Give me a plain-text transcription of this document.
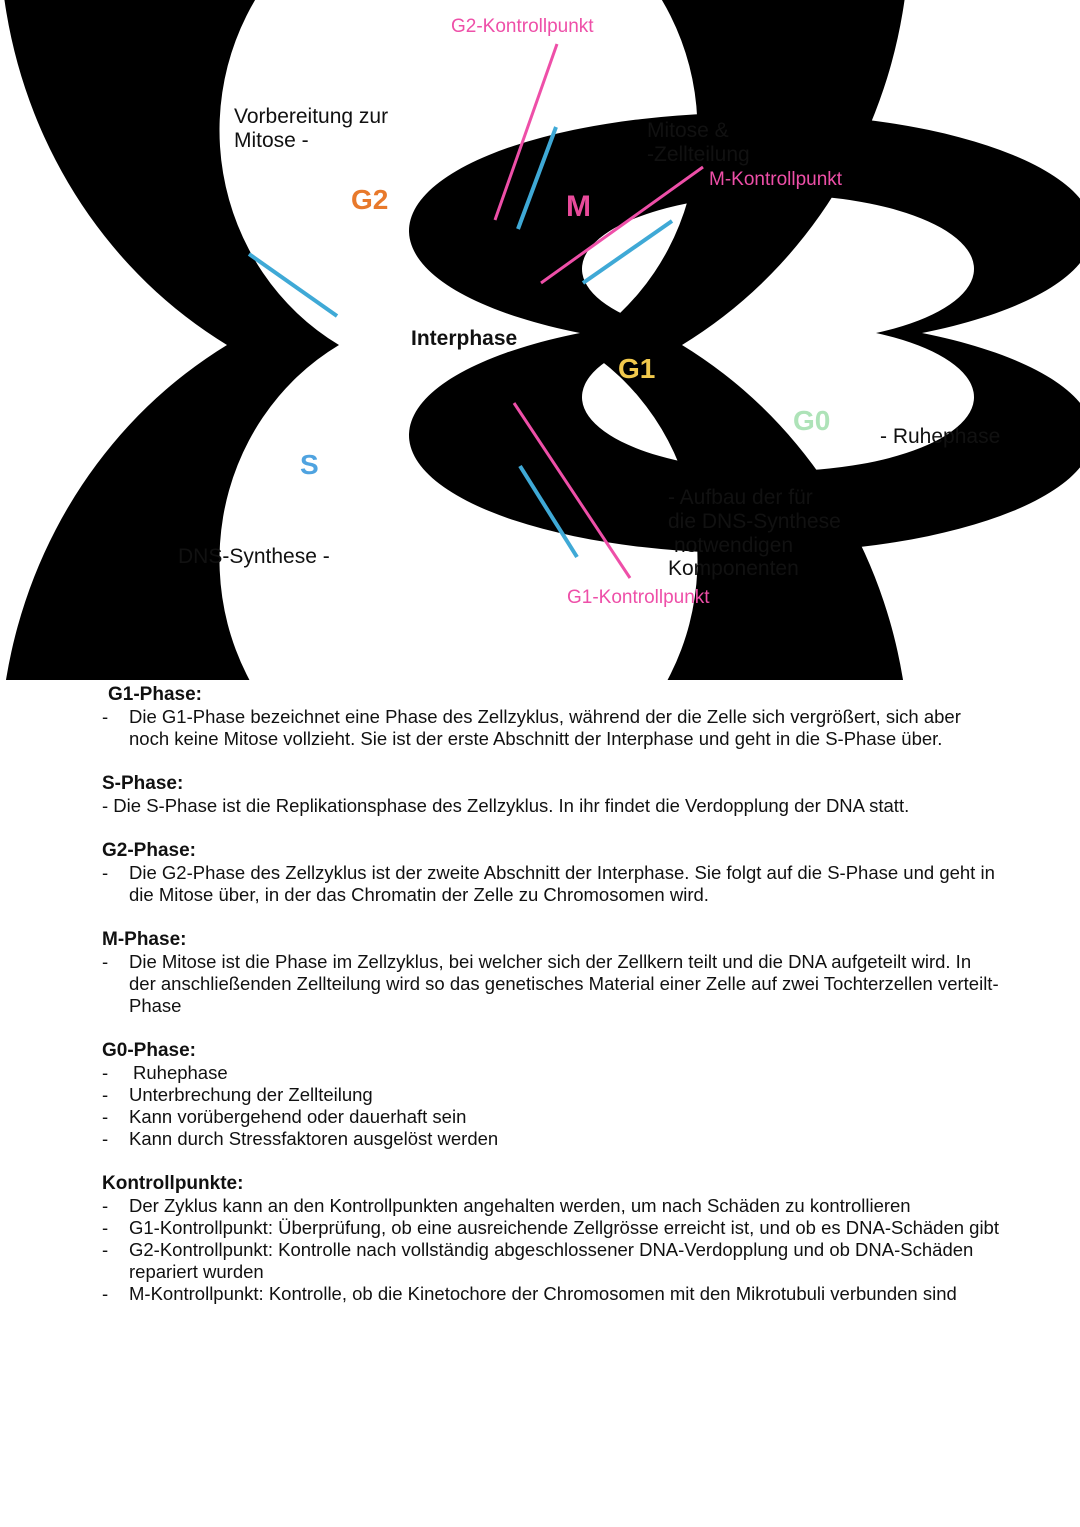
G2-Kontrollpunkt
M-Kontrollpunkt
G1-Kontrollpunkt
Vorbereitung zur
Mitose -	Mitose &
-Zellteilung
- Ruhephase
DNS-Synthese -
- Aufbau der für
die DNS-Synthese
notwendigen
Komponenten
G2	M
G1
S
G0
Interphase
G1-Phase:
- Die G1-Phase bezeichnet eine Phase des Zellzyklus, während der die Zelle sich vergrößert, sich aber noch keine Mitose vollzieht. Sie ist der erste Abschnitt der Interphase und geht in die S-Phase über.
S-Phase:

- Die S-Phase ist die Replikationsphase des Zellzyklus. In ihr findet die Verdopplung der DNA statt.

G2-Phase:
- Die G2-Phase des Zellzyklus ist der zweite Abschnitt der Interphase. Sie folgt auf die S-Phase und geht in die Mitose über, in der das Chromatin der Zelle zu Chromosomen wird.
M-Phase:
- Die Mitose ist die Phase im Zellzyklus, bei welcher sich der Zellkern teilt und die DNA aufgeteilt wird. In der anschließenden Zellteilung wird so das genetisches Material einer Zelle auf zwei Tochterzellen verteilt-Phase
G0-Phase:
- Ruhephase
- Unterbrechung der Zellteilung
- Kann vorübergehend oder dauerhaft sein
- Kann durch Stressfaktoren ausgelöst werden
Kontrollpunkte:
- Der Zyklus kann an den Kontrollpunkten angehalten werden, um nach Schäden zu kontrollieren
- G1-Kontrollpunkt: Überprüfung, ob eine ausreichende Zellgrösse erreicht ist, und ob es DNA-Schäden gibt
- G2-Kontrollpunkt: Kontrolle nach vollständig abgeschlossener DNA-Verdopplung und ob DNA-Schäden repariert wurden
- M-Kontrollpunkt: Kontrolle, ob die Kinetochore der Chromosomen mit den Mikrotubuli verbunden sind
